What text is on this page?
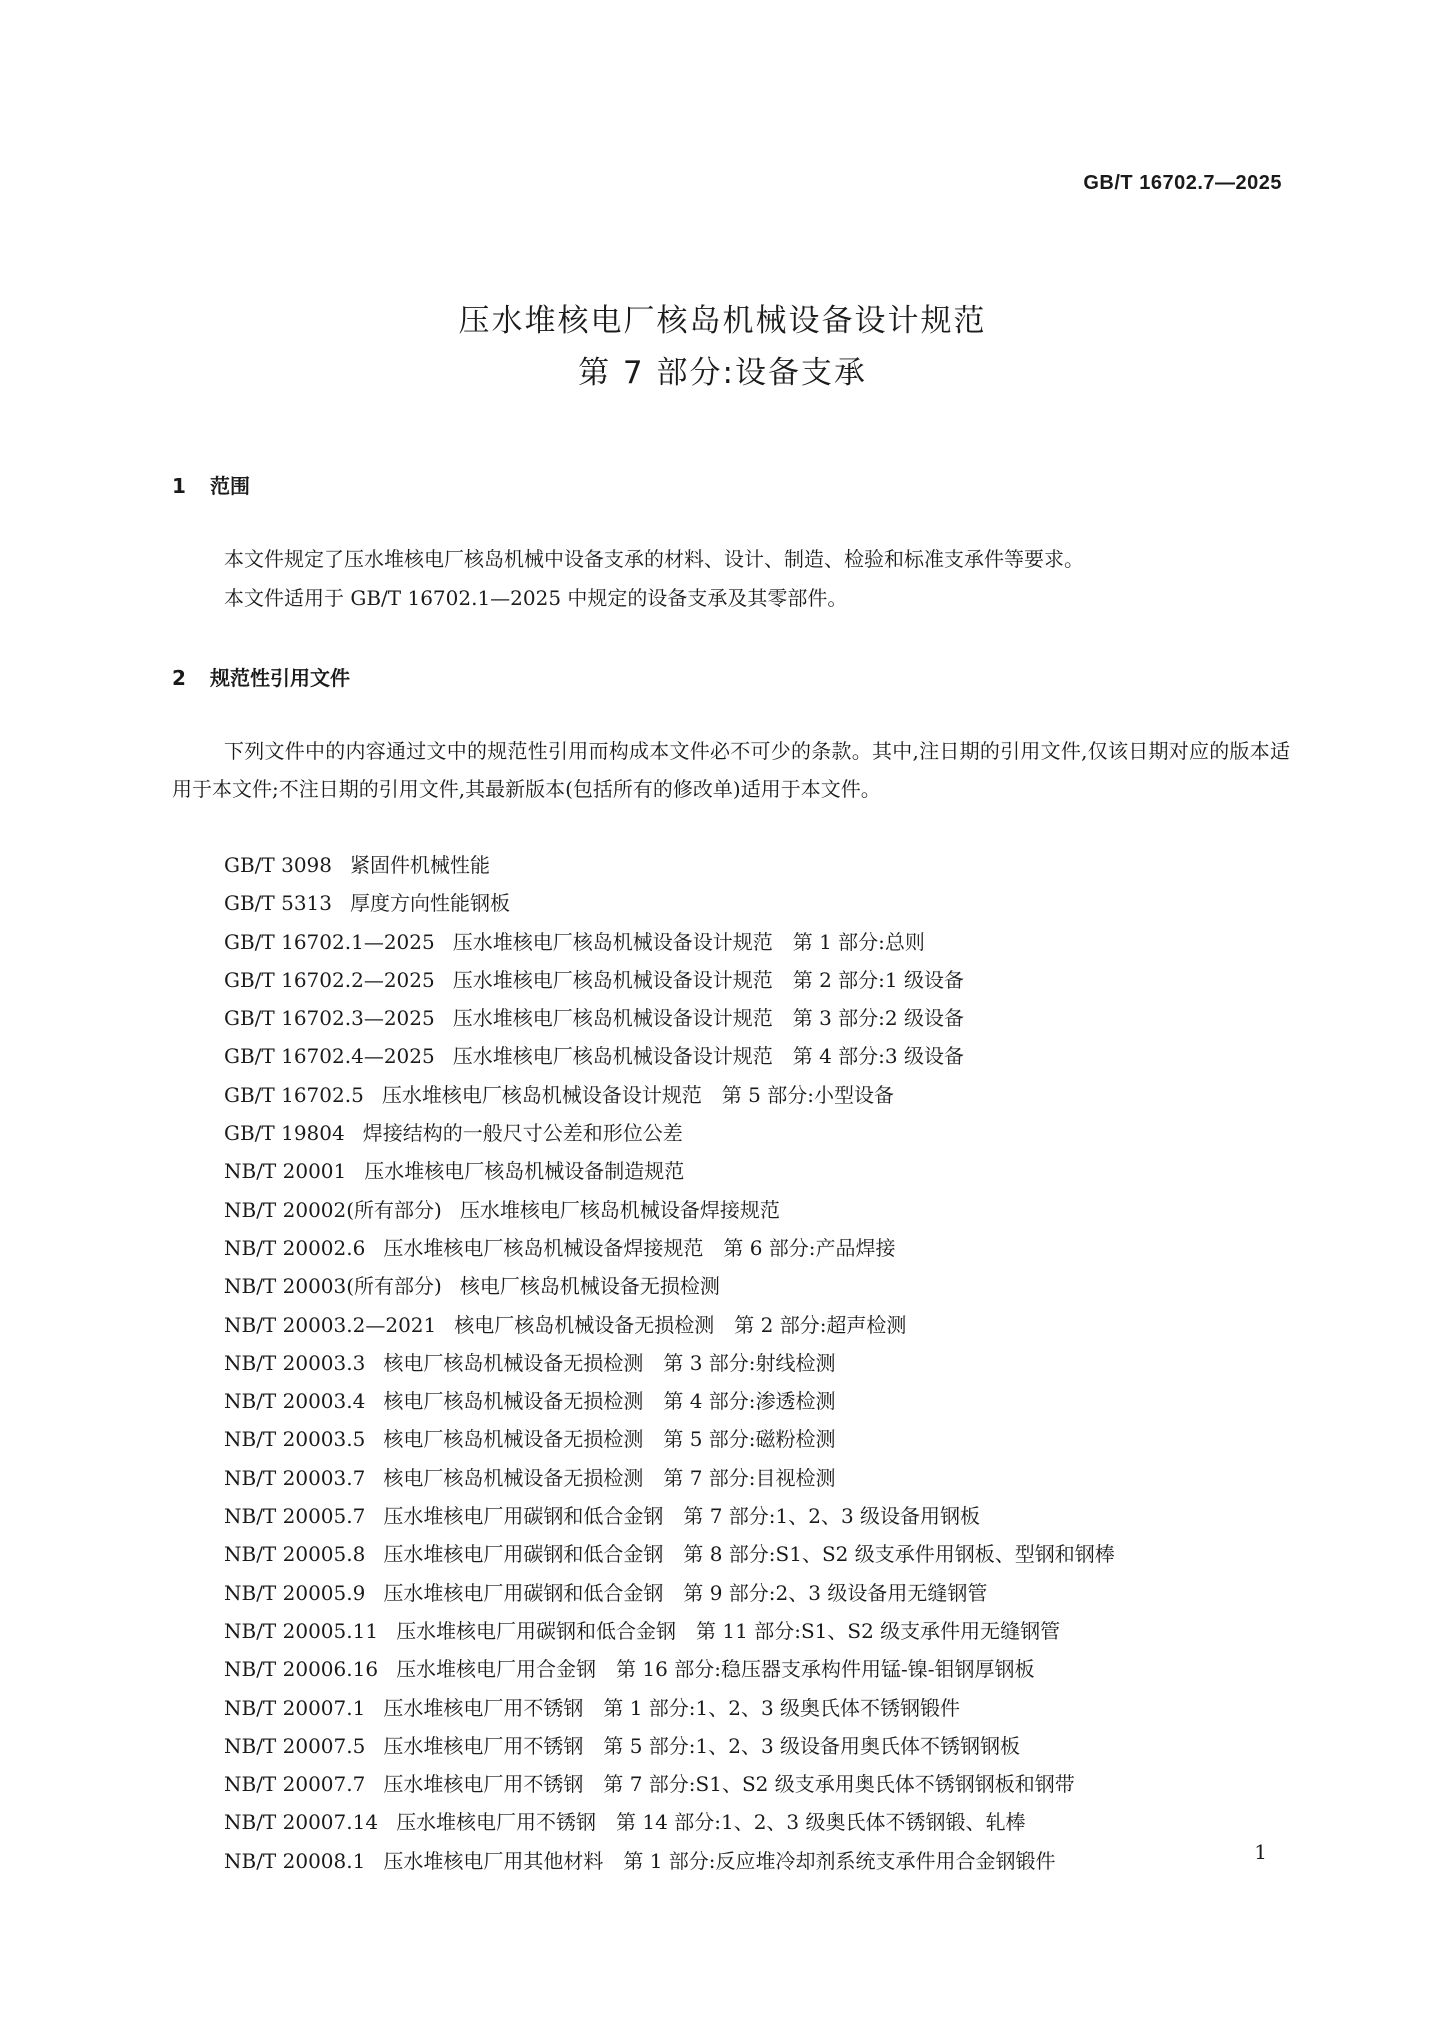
GB/T 16702.7—2025
压水堆核电厂核岛机械设备设计规范
第 7 部分:设备支承
1 范围
本文件规定了压水堆核电厂核岛机械中设备支承的材料、设计、制造、检验和标准支承件等要求。
本文件适用于 GB/T 16702.1—2025 中规定的设备支承及其零部件。
2 规范性引用文件
下列文件中的内容通过文中的规范性引用而构成本文件必不可少的条款。其中,注日期的引用文件,仅该日期对应的版本适用于本文件;不注日期的引用文件,其最新版本(包括所有的修改单)适用于本文件。
GB/T 3098 紧固件机械性能
GB/T 5313 厚度方向性能钢板
GB/T 16702.1—2025 压水堆核电厂核岛机械设备设计规范　第 1 部分:总则
GB/T 16702.2—2025 压水堆核电厂核岛机械设备设计规范　第 2 部分:1 级设备
GB/T 16702.3—2025 压水堆核电厂核岛机械设备设计规范　第 3 部分:2 级设备
GB/T 16702.4—2025 压水堆核电厂核岛机械设备设计规范　第 4 部分:3 级设备
GB/T 16702.5 压水堆核电厂核岛机械设备设计规范　第 5 部分:小型设备
GB/T 19804 焊接结构的一般尺寸公差和形位公差
NB/T 20001 压水堆核电厂核岛机械设备制造规范
NB/T 20002(所有部分) 压水堆核电厂核岛机械设备焊接规范
NB/T 20002.6 压水堆核电厂核岛机械设备焊接规范　第 6 部分:产品焊接
NB/T 20003(所有部分) 核电厂核岛机械设备无损检测
NB/T 20003.2—2021 核电厂核岛机械设备无损检测　第 2 部分:超声检测
NB/T 20003.3 核电厂核岛机械设备无损检测　第 3 部分:射线检测
NB/T 20003.4 核电厂核岛机械设备无损检测　第 4 部分:渗透检测
NB/T 20003.5 核电厂核岛机械设备无损检测　第 5 部分:磁粉检测
NB/T 20003.7 核电厂核岛机械设备无损检测　第 7 部分:目视检测
NB/T 20005.7 压水堆核电厂用碳钢和低合金钢　第 7 部分:1、2、3 级设备用钢板
NB/T 20005.8 压水堆核电厂用碳钢和低合金钢　第 8 部分:S1、S2 级支承件用钢板、型钢和钢棒
NB/T 20005.9 压水堆核电厂用碳钢和低合金钢　第 9 部分:2、3 级设备用无缝钢管
NB/T 20005.11 压水堆核电厂用碳钢和低合金钢　第 11 部分:S1、S2 级支承件用无缝钢管
NB/T 20006.16 压水堆核电厂用合金钢　第 16 部分:稳压器支承构件用锰-镍-钼钢厚钢板
NB/T 20007.1 压水堆核电厂用不锈钢　第 1 部分:1、2、3 级奥氏体不锈钢锻件
NB/T 20007.5 压水堆核电厂用不锈钢　第 5 部分:1、2、3 级设备用奥氏体不锈钢钢板
NB/T 20007.7 压水堆核电厂用不锈钢　第 7 部分:S1、S2 级支承用奥氏体不锈钢钢板和钢带
NB/T 20007.14 压水堆核电厂用不锈钢　第 14 部分:1、2、3 级奥氏体不锈钢锻、轧棒
NB/T 20008.1 压水堆核电厂用其他材料　第 1 部分:反应堆冷却剂系统支承件用合金钢锻件	1
